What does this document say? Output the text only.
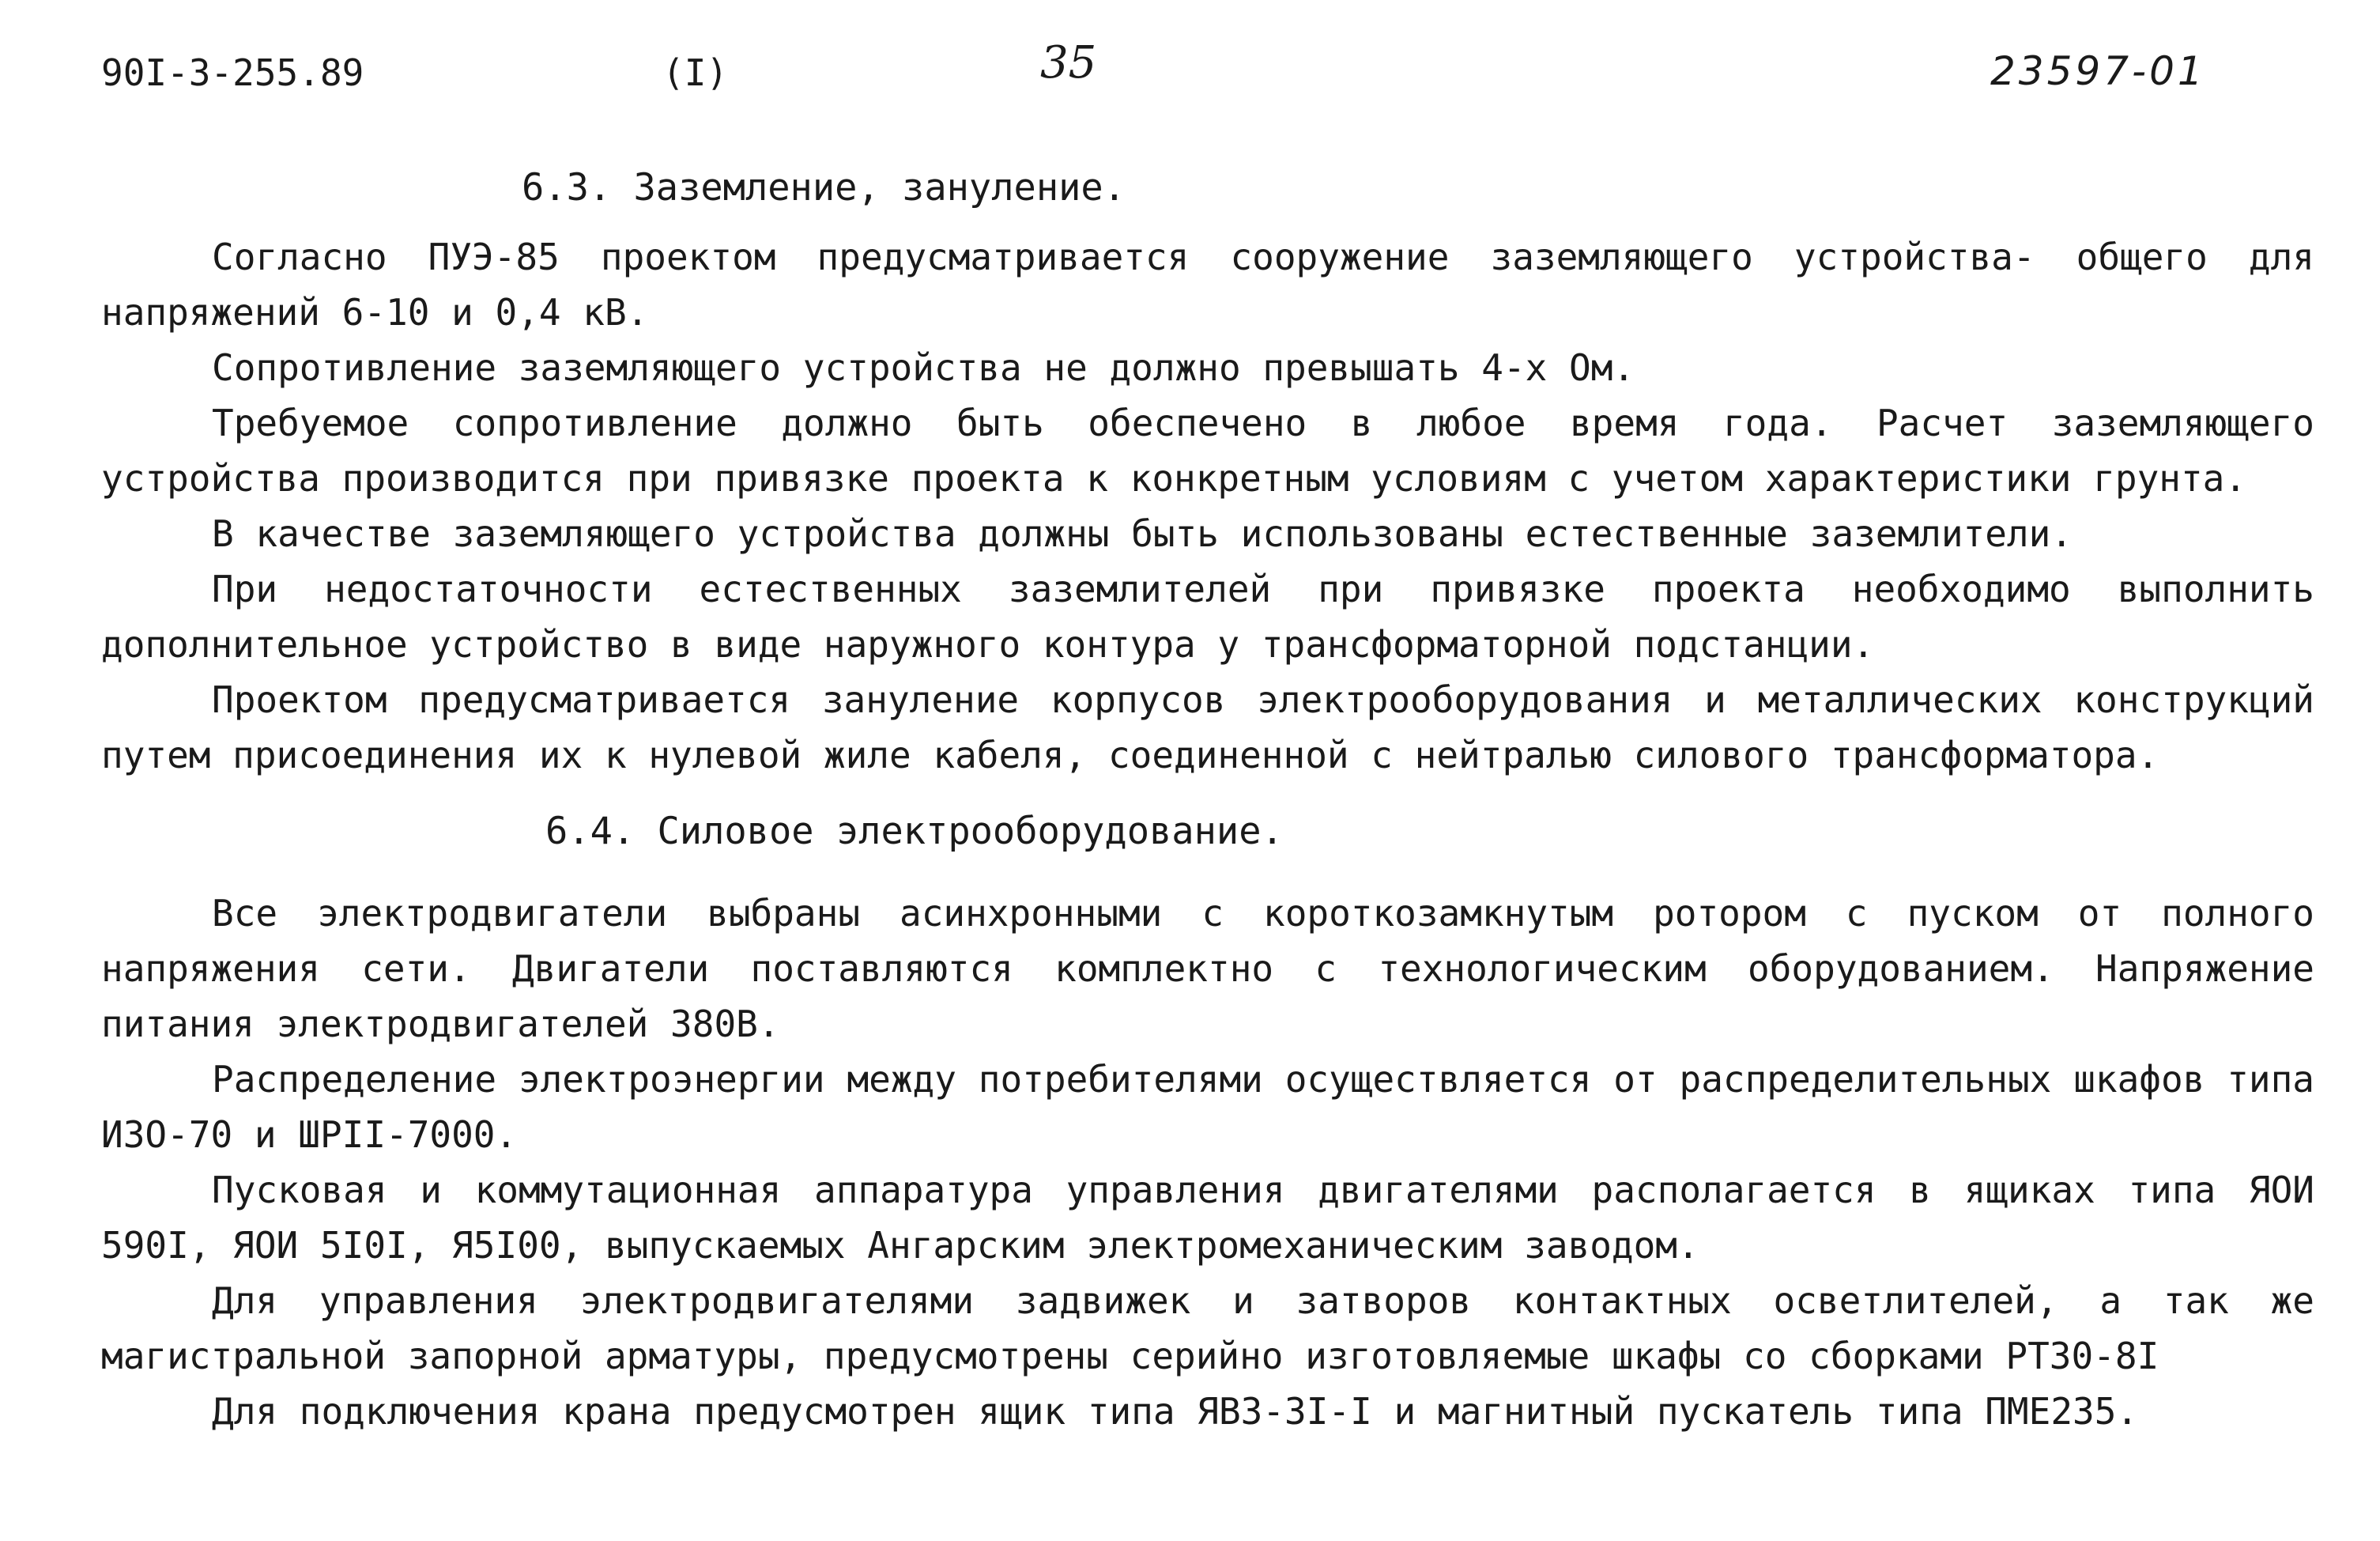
90I-3-255.89	(I)	35	23597-01
6.3. Заземление, зануление.

Согласно ПУЭ-85 проектом предусматривается сооружение заземляющего устройства- общего для напряжений 6-10 и 0,4 кВ.

Сопротивление заземляющего устройства не должно превышать 4-х Ом.

Требуемое сопротивление должно быть обеспечено в любое время года. Расчет заземляющего устройства производится при привязке проекта к конкретным условиям с учетом характеристики грунта.

В качестве заземляющего устройства должны быть использованы естественные заземлители.

При недостаточности естественных заземлителей при привязке проекта необходимо выполнить дополнительное устройство в виде наружного контура у трансформаторной подстанции.

Проектом предусматривается зануление корпусов электрооборудования и металлических конструкций путем присоединения их к нулевой жиле кабеля, соединенной с нейтралью силового трансформатора.

6.4. Силовое электрооборудование.

Все электродвигатели выбраны асинхронными с короткозамкнутым ротором с пуском от полного напряжения сети. Двигатели поставляются комплектно с технологическим оборудованием. Напряжение питания электродвигателей 380В.

Распределение электроэнергии между потребителями осуществляется от распределительных шкафов типа ИЗО-70 и ШРII-7000.

Пусковая и коммутационная аппаратура управления двигателями располагается в ящиках типа ЯОИ 590I, ЯОИ 5I0I, Я5I00, выпускаемых Ангарским электромеханическим заводом.

Для управления электродвигателями задвижек и затворов контактных осветлителей, а так же магистральной запорной арматуры, предусмотрены серийно изготовляемые шкафы со сборками РТ30-8I

Для подключения крана предусмотрен ящик типа ЯВЗ-3I-I и магнитный пускатель типа ПМЕ235.
